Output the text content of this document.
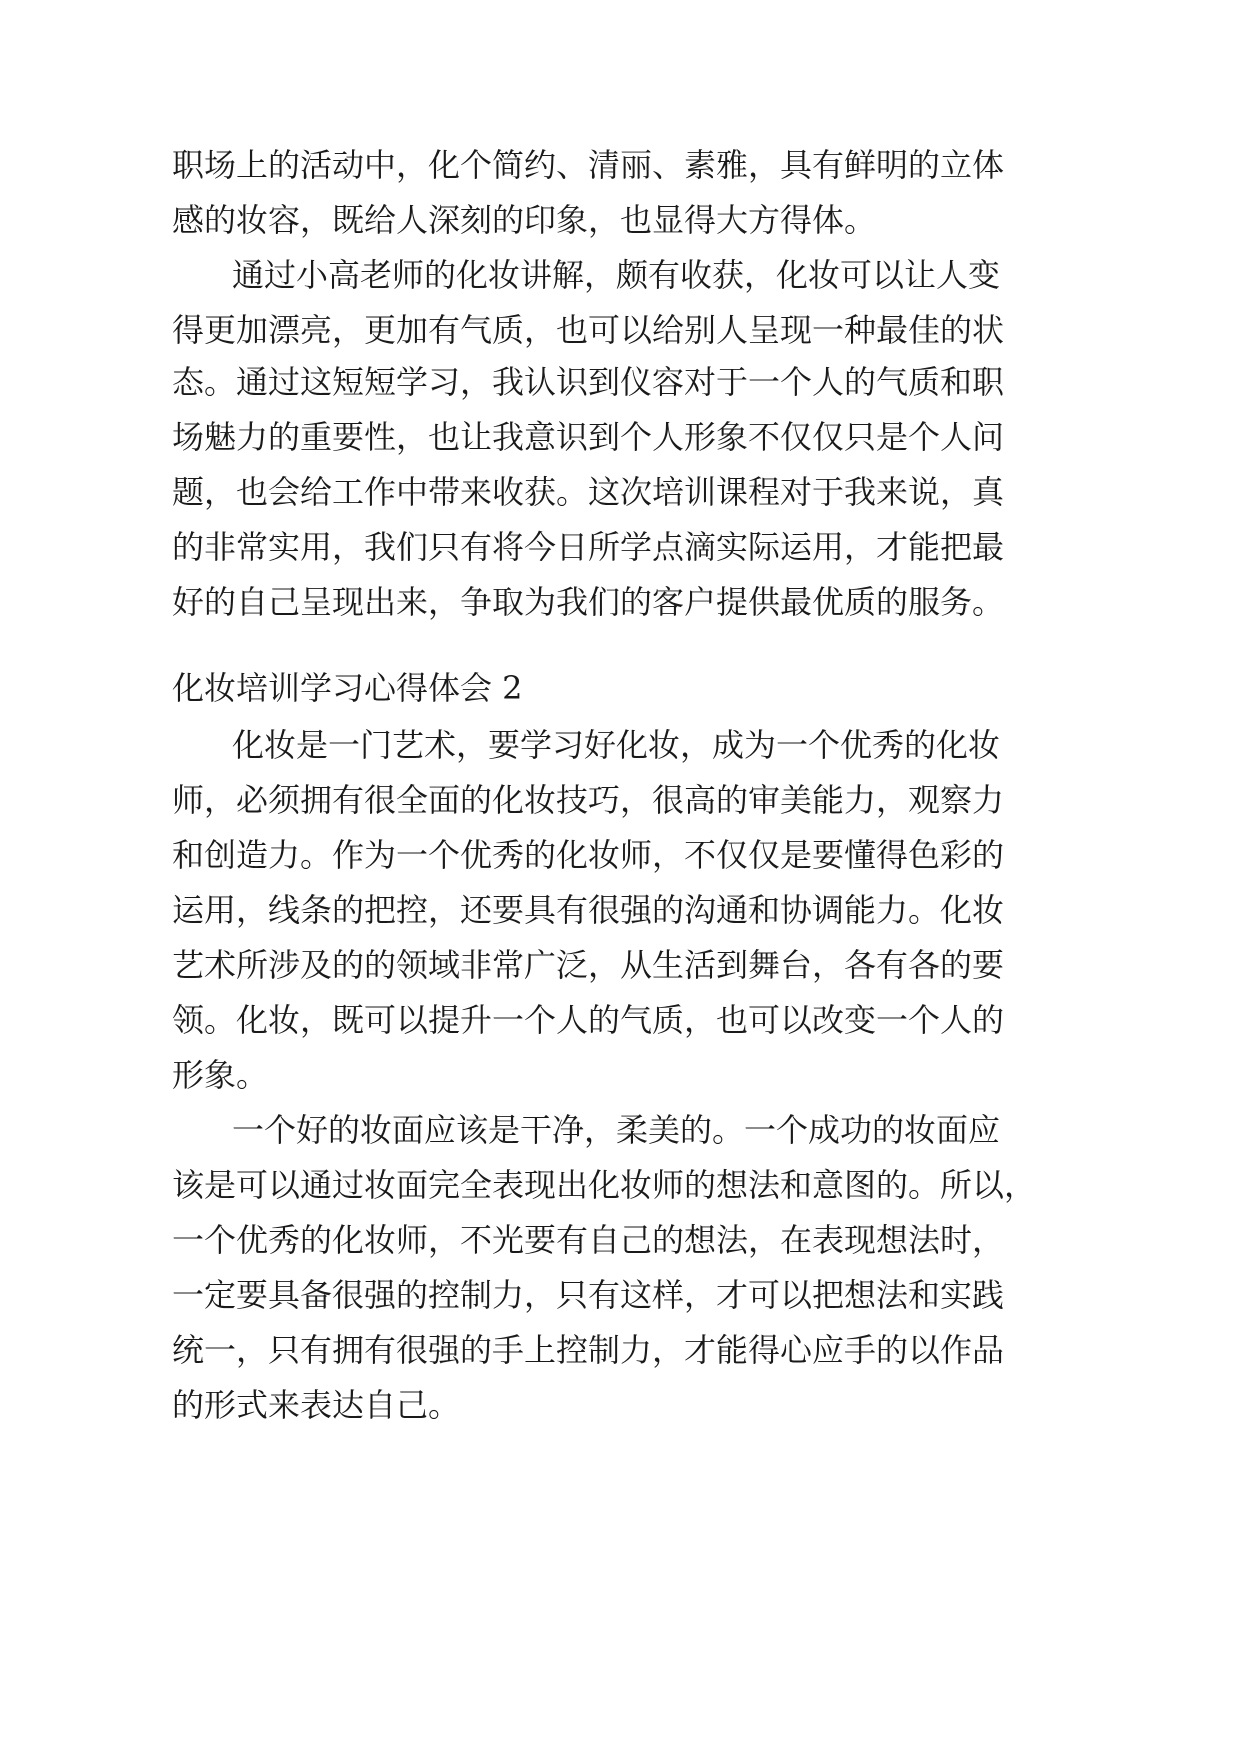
职场上的活动中，化个简约、清丽、素雅，具有鲜明的立体
感的妆容，既给人深刻的印象，也显得大方得体。
通过小高老师的化妆讲解，颇有收获，化妆可以让人变
得更加漂亮，更加有气质，也可以给别人呈现一种最佳的状
态。通过这短短学习，我认识到仪容对于一个人的气质和职
场魅力的重要性，也让我意识到个人形象不仅仅只是个人问
题，也会给工作中带来收获。这次培训课程对于我来说，真
的非常实用，我们只有将今日所学点滴实际运用，才能把最
好的自己呈现出来，争取为我们的客户提供最优质的服务。
化妆培训学习心得体会 2
化妆是一门艺术，要学习好化妆，成为一个优秀的化妆
师，必须拥有很全面的化妆技巧，很高的审美能力，观察力
和创造力。作为一个优秀的化妆师，不仅仅是要懂得色彩的
运用，线条的把控，还要具有很强的沟通和协调能力。化妆
艺术所涉及的的领域非常广泛，从生活到舞台，各有各的要
领。化妆，既可以提升一个人的气质，也可以改变一个人的
形象。
一个好的妆面应该是干净，柔美的。一个成功的妆面应
该是可以通过妆面完全表现出化妆师的想法和意图的。所以，
一个优秀的化妆师，不光要有自己的想法，在表现想法时，
一定要具备很强的控制力，只有这样，才可以把想法和实践
统一，只有拥有很强的手上控制力，才能得心应手的以作品
的形式来表达自己。
